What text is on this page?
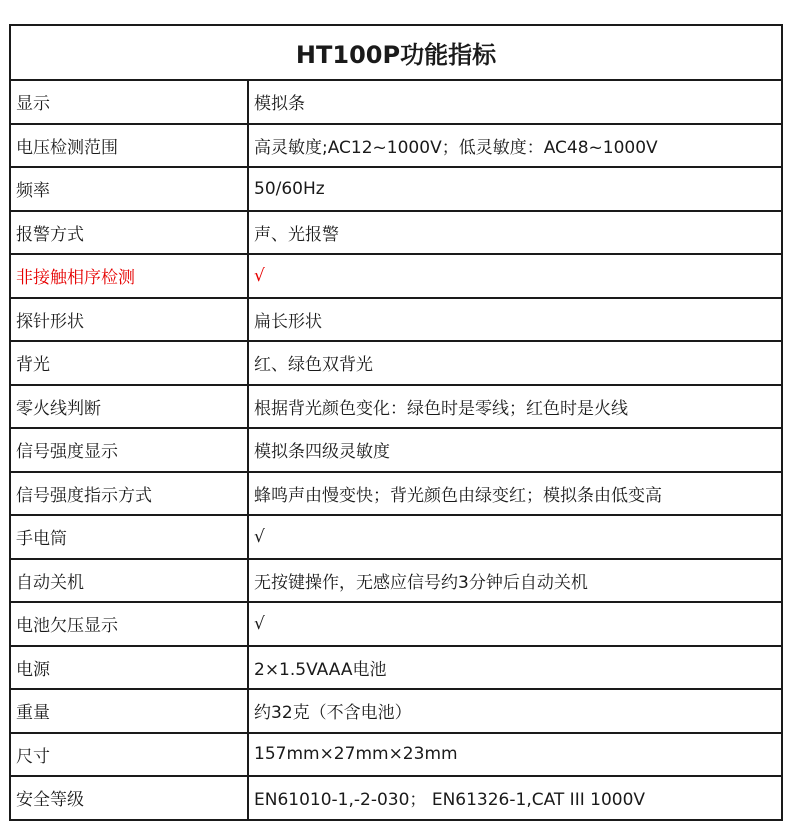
HT100P功能指标	
显示	模拟条
电压检测范围	高灵敏度;AC12~1000V；低灵敏度：AC48~1000V
频率	50/60Hz
报警方式	声、光报警
非接触相序检测	√
探针形状	扁长形状
背光	红、绿色双背光
零火线判断	根据背光颜色变化：绿色时是零线；红色时是火线
信号强度显示	模拟条四级灵敏度
信号强度指示方式	蜂鸣声由慢变快；背光颜色由绿变红；模拟条由低变高
手电筒	√
自动关机	无按键操作，无感应信号约3分钟后自动关机
电池欠压显示	√
电源	2×1.5VAAA电池
重量	约32克（不含电池）
尺寸	157mm×27mm×23mm
安全等级	EN61010-1,-2-030； EN61326-1,CAT III 1000V
